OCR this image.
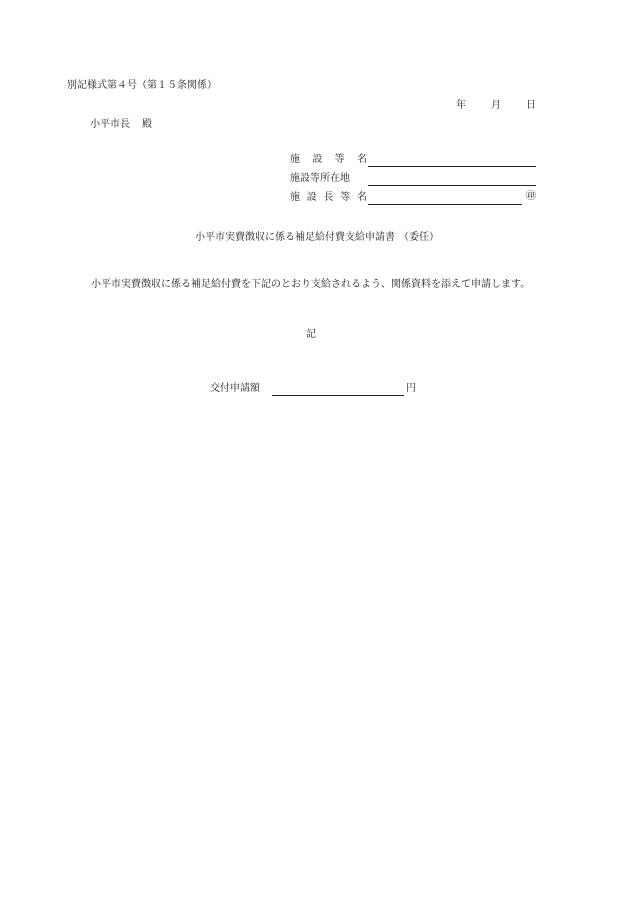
別記様式第４号（第１５条関係）
年	月	日
小平市長 殿
施 設 等 名
施設等所在地
施 設 長 等 名	㊞
小平市実費徴収に係る補足給付費支給申請書 （委任）
小平市実費徴収に係る補足給付費を下記のとおり支給されるよう、関係資料を添えて申請します。
記
交付申請額	円
